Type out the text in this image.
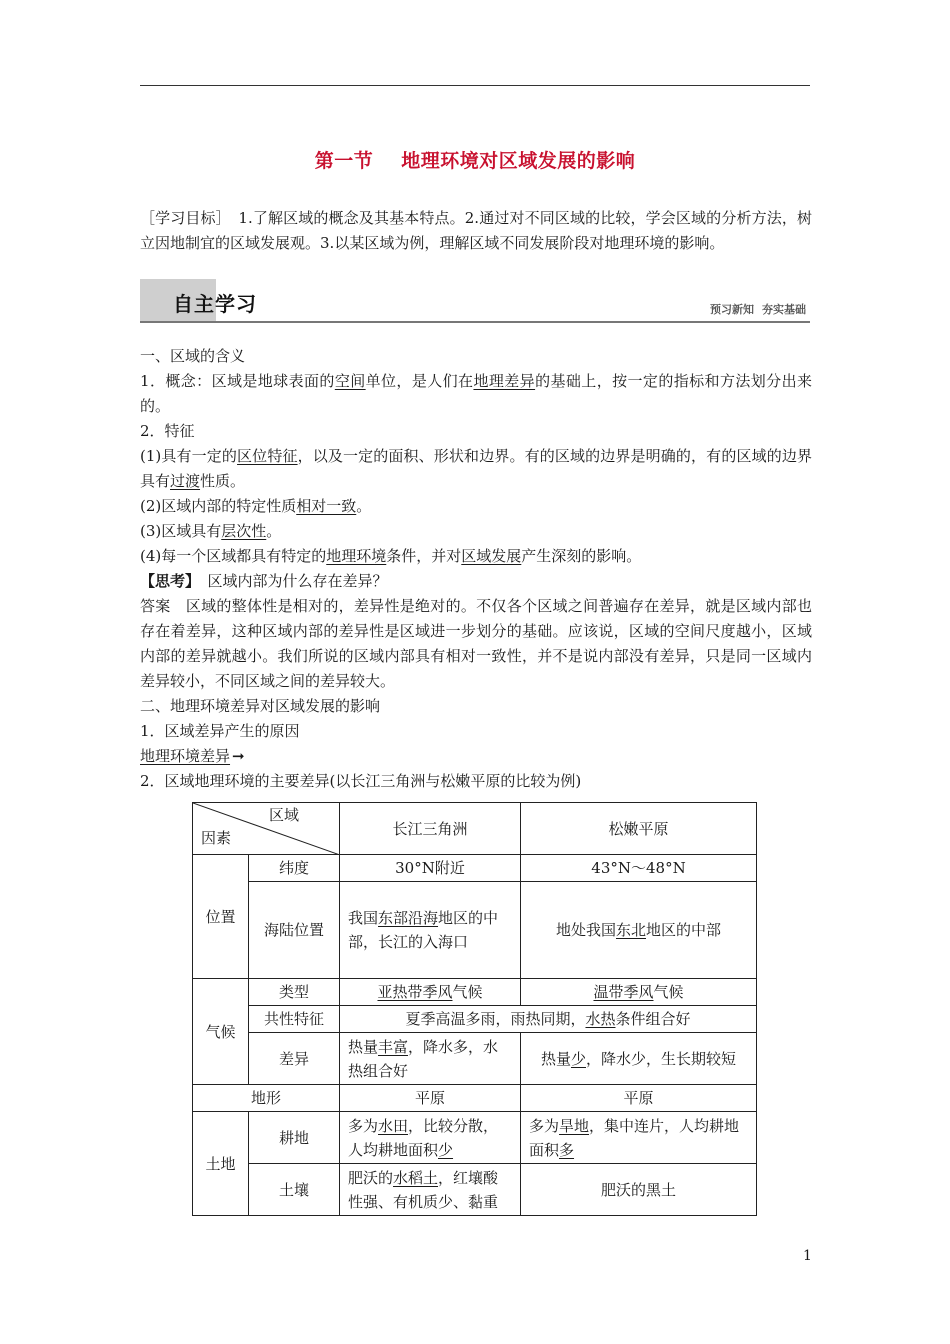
第一节 地理环境对区域发展的影响
［学习目标］　1.了解区域的概念及其基本特点。2.通过对不同区域的比较，学会区域的分析方法，树立因地制宜的区域发展观。3.以某区域为例，理解区域不同发展阶段对地理环境的影响。
自主学习	预习新知 夯实基础

一、区域的含义

1．概念：区域是地球表面的空间单位，是人们在地理差异的基础上，按一定的指标和方法划分出来的。

2．特征

(1)具有一定的区位特征，以及一定的面积、形状和边界。有的区域的边界是明确的，有的区域的边界具有过渡性质。

(2)区域内部的特定性质相对一致。

(3)区域具有层次性。

(4)每一个区域都具有特定的地理环境条件，并对区域发展产生深刻的影响。

【思考】　 区域内部为什么存在差异？

答案　区域的整体性是相对的，差异性是绝对的。不仅各个区域之间普遍存在差异，就是区域内部也存在着差异，这种区域内部的差异性是区域进一步划分的基础。应该说，区域的空间尺度越小，区域内部的差异就越小。我们所说的区域内部具有相对一致性，并不是说内部没有差异，只是同一区域内差异较小，不同区域之间的差异较大。

二、地理环境差异对区域发展的影响

1．区域差异产生的原因

地理环境差异 ➞

2．区域地理环境的主要差异(以长江三角洲与松嫩平原的比较为例)

区域
因素		长江三角洲	松嫩平原
位置	纬度	30°N附近	43°N～48°N
	海陆位置	我国东部沿海地区的中部，长江的入海口	地处我国东北地区的中部
气候	类型	亚热带季风气候	温带季风气候
	共性特征	夏季高温多雨，雨热同期，水热条件组合好	
	差异	热量丰富，降水多，水热组合好	热量少，降水少，生长期较短
地形		平原	平原
土地	耕地	多为水田，比较分散，人均耕地面积少	多为旱地，集中连片，人均耕地面积多
	土壤	肥沃的水稻土，红壤酸性强、有机质少、黏重	肥沃的黑土
1
